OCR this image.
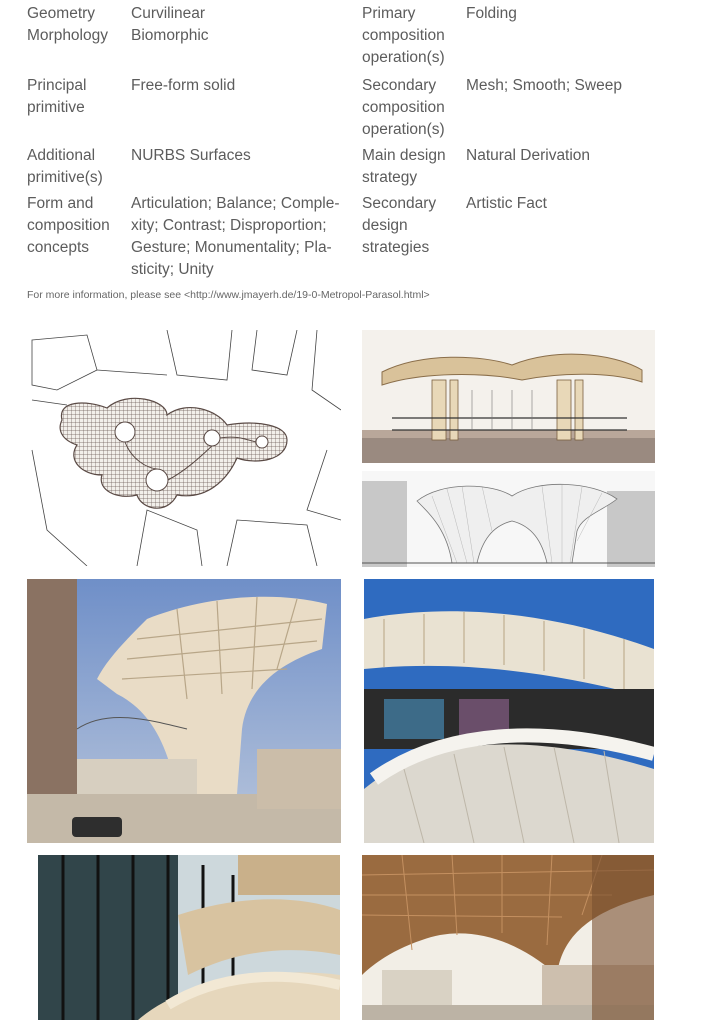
Geometry
Morphology
Curvilinear
Biomorphic
Primary
composition
operation(s)
Folding
Principal
primitive
Free-form solid	Secondary
composition
operation(s)
Mesh; Smooth; Sweep
Additional
primitive(s)
NURBS Surfaces	Main design
strategy
Natural Derivation
Form and
composition
concepts
Articulation; Balance; Comple-
xity; Contrast; Disproportion;
Gesture; Monumentality; Pla-
sticity; Unity
Secondary
design
strategies
Artistic Fact
For more information, please see <http://www.jmayerh.de/19-0-Metropol-Parasol.html>
